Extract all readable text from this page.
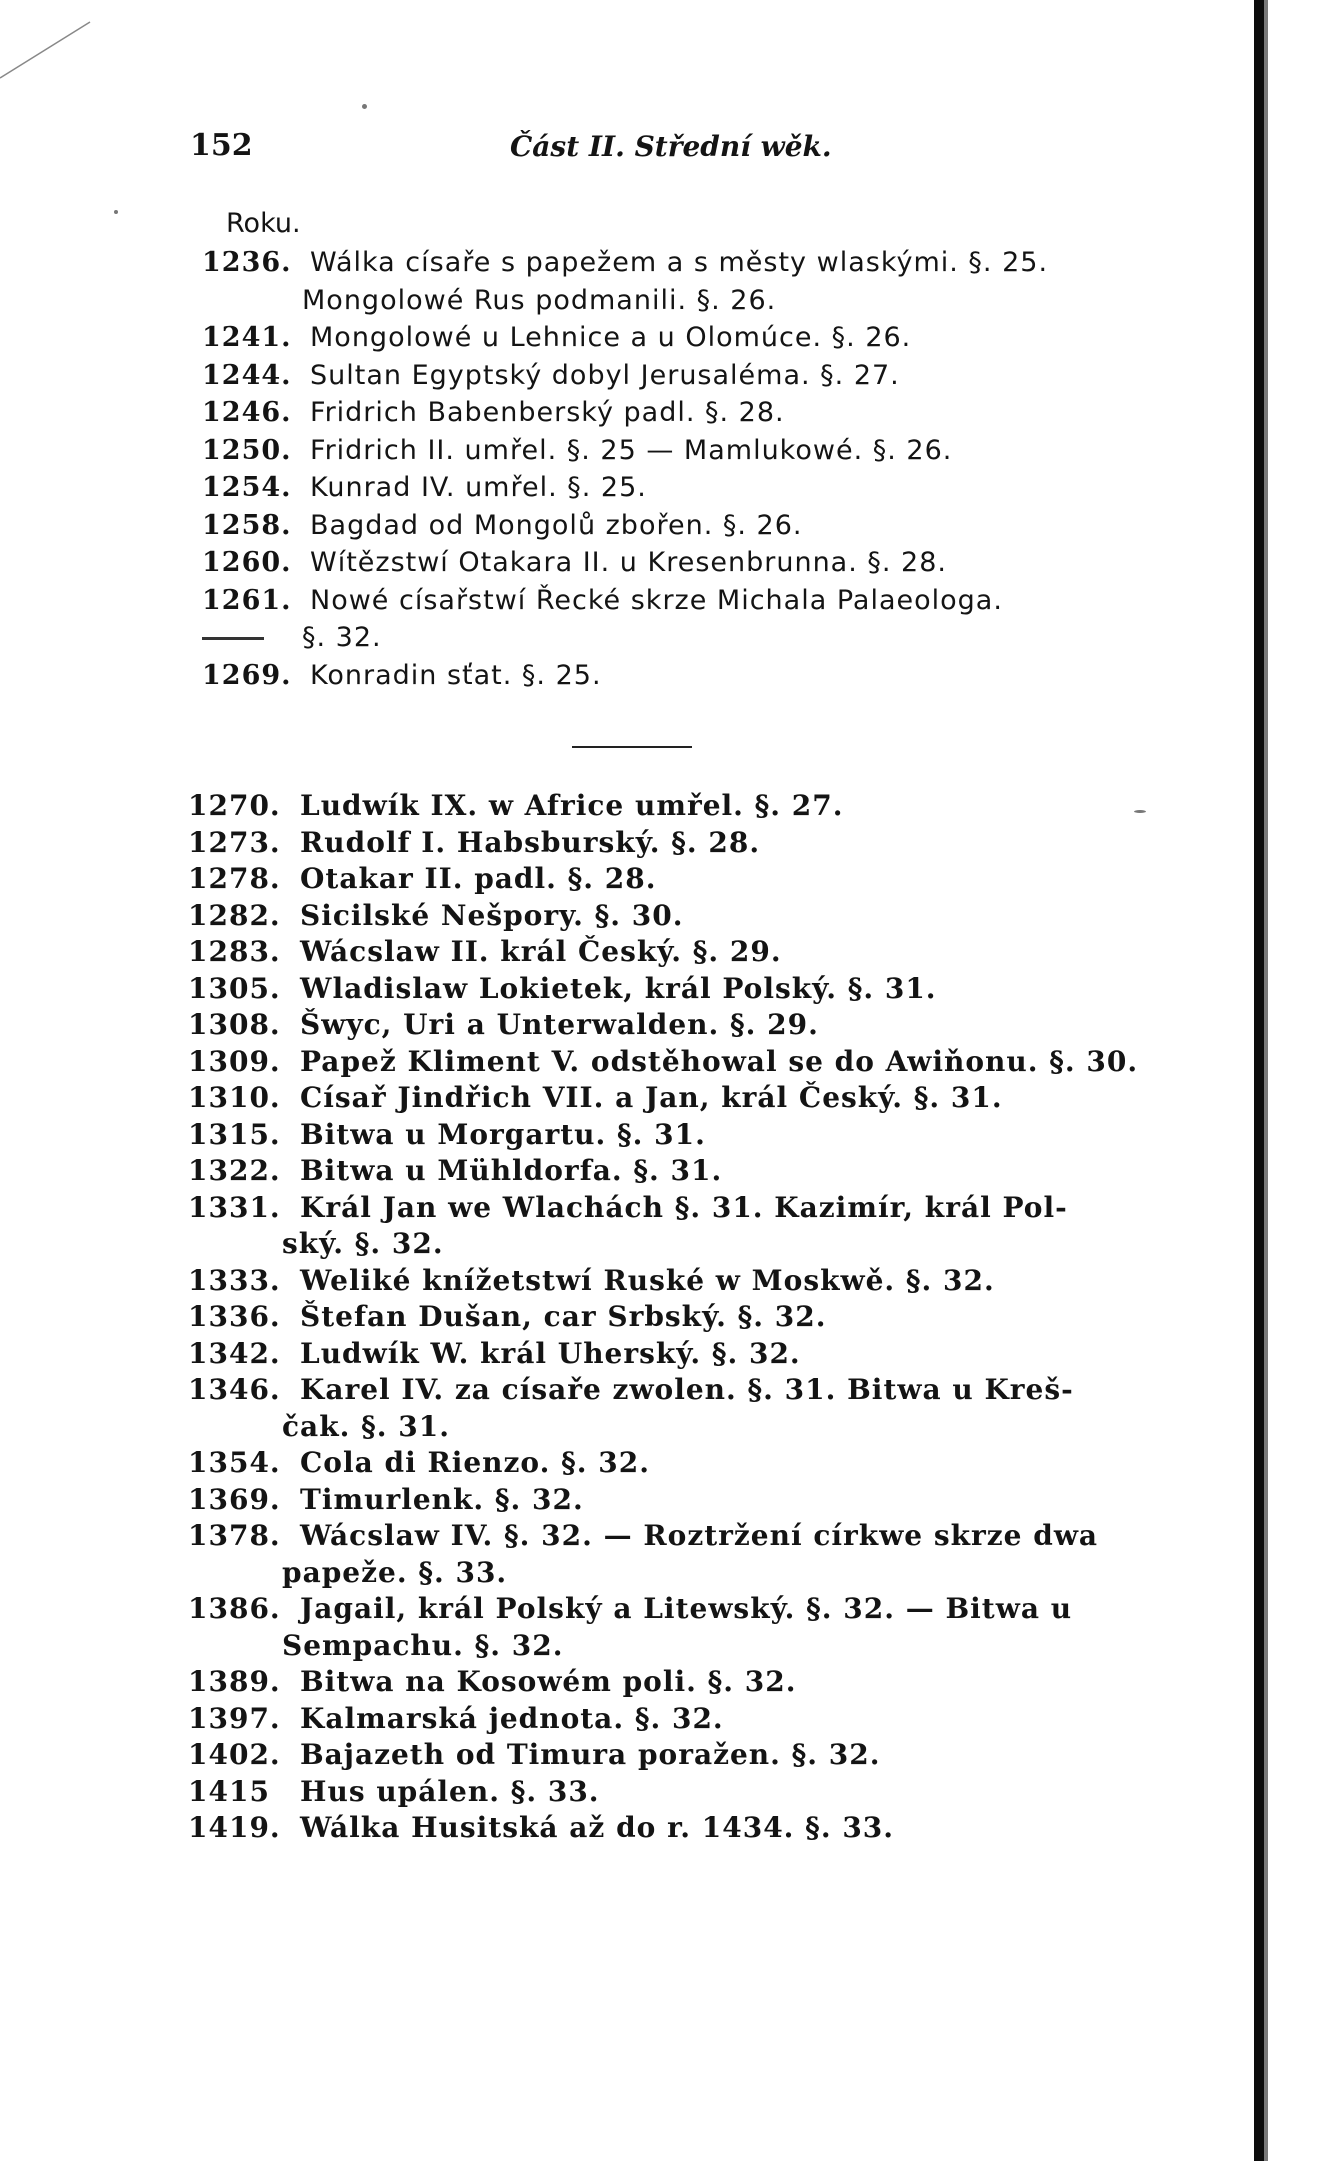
152	Část II. Střední wěk.
Roku.
1236. Wálka císaře s papežem a s městy wlaskými. §. 25.
Mongolowé Rus podmanili. §. 26.
1241. Mongolowé u Lehnice a u Olomúce. §. 26.
1244. Sultan Egyptský dobyl Jerusaléma. §. 27.
1246. Fridrich Babenberský padl. §. 28.
1250. Fridrich II. umřel. §. 25 — Mamlukowé. §. 26.
1254. Kunrad IV. umřel. §. 25.
1258. Bagdad od Mongolů zbořen. §. 26.
1260. Wítězstwí Otakara II. u Kresenbrunna. §. 28.
1261. Nowé císařstwí Řecké skrze Michala Palaeologa.
§. 32.
1269. Konradin sťat. §. 25.
1270. Ludwík IX. w Africe umřel. §. 27.
1273. Rudolf I. Habsburský. §. 28.
1278. Otakar II. padl. §. 28.
1282. Sicilské Nešpory. §. 30.
1283. Wácslaw II. král Český. §. 29.
1305. Wladislaw Lokietek, král Polský. §. 31.
1308. Šwyc, Uri a Unterwalden. §. 29.
1309. Papež Kliment V. odstěhowal se do Awiňonu. §. 30.
1310. Císař Jindřich VII. a Jan, král Český. §. 31.
1315. Bitwa u Morgartu. §. 31.
1322. Bitwa u Mühldorfa. §. 31.
1331. Král Jan we Wlachách §. 31. Kazimír, král Pol-
ský. §. 32.
1333. Weliké knížetstwí Ruské w Moskwě. §. 32.
1336. Štefan Dušan, car Srbský. §. 32.
1342. Ludwík W. král Uherský. §. 32.
1346. Karel IV. za císaře zwolen. §. 31. Bitwa u Kreš-
čak. §. 31.
1354. Cola di Rienzo. §. 32.
1369. Timurlenk. §. 32.
1378. Wácslaw IV. §. 32. — Roztržení církwe skrze dwa
papeže. §. 33.
1386. Jagail, král Polský a Litewský. §. 32. — Bitwa u
Sempachu. §. 32.
1389. Bitwa na Kosowém poli. §. 32.
1397. Kalmarská jednota. §. 32.
1402. Bajazeth od Timura poražen. §. 32.
1415 Hus upálen. §. 33.
1419. Wálka Husitská až do r. 1434. §. 33.
